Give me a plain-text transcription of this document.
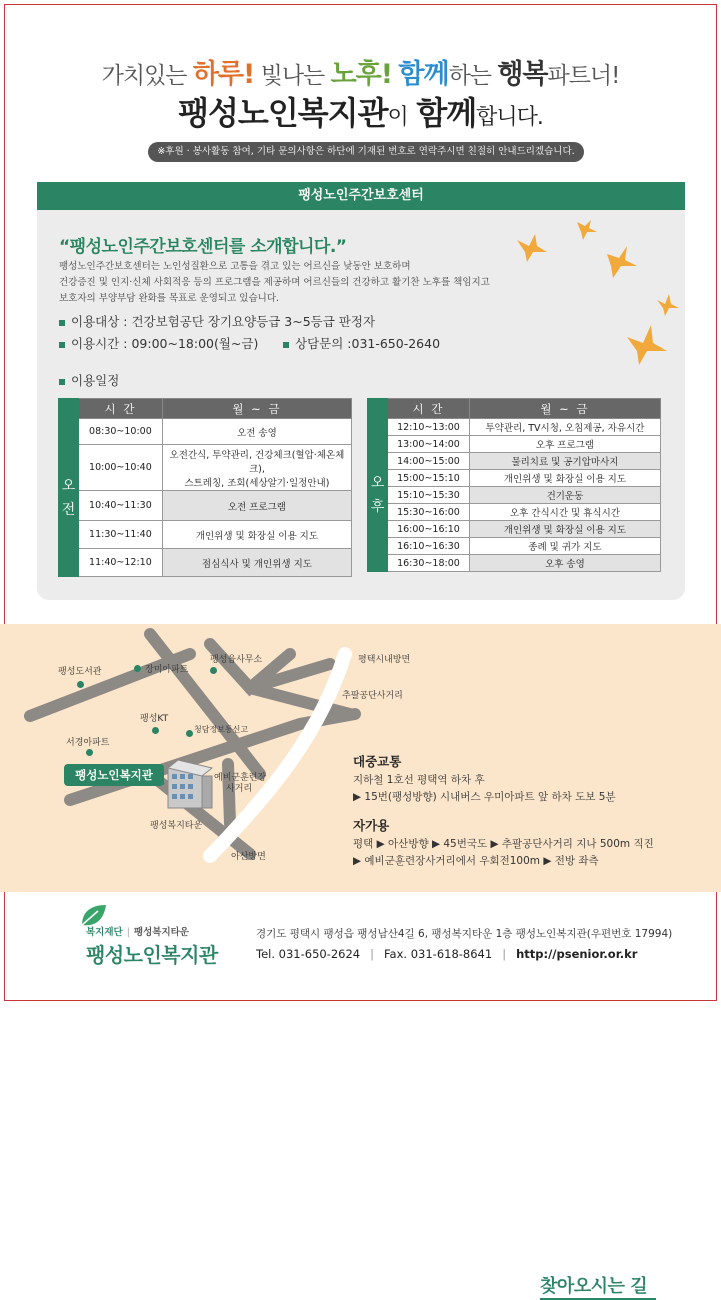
가치있는 하루! 빛나는 노후! 함께하는 행복파트너!
팽성노인복지관이 함께합니다.
※후원 · 봉사활동 참여, 기타 문의사항은 하단에 기재된 번호로 연락주시면 친절히 안내드리겠습니다.
팽성노인주간보호센터
“팽성노인주간보호센터를 소개합니다.”
팽성노인주간보호센터는 노인성질환으로 고통을 겪고 있는 어르신을 낮동안 보호하며
건강증진 및 인지·신체 사회적응 등의 프로그램을 제공하며 어르신들의 건강하고 활기찬 노후를 책임지고
보호자의 부양부담 완화를 목표로 운영되고 있습니다.
이용대상 : 건강보험공단 장기요양등급 3~5등급 판정자
이용시간 : 09:00~18:00(월~금)	상담문의 :031-650-2640
이용일정
	시 간	월 ~ 금
오
전	08:30~10:00	오전 송영
	10:00~10:40	오전간식, 투약관리, 건강체크(혈압·체온체크),
스트레칭, 조회(세상알기·일정안내)

	10:40~11:30	오전 프로그램
	11:30~11:40	개인위생 및 화장실 이용 지도
	11:40~12:10	점심식사 및 개인위생 지도
	시 간	월 ~ 금
오
후	12:10~13:00	투약관리, TV시청, 오침제공, 자유시간
	13:00~14:00	오후 프로그램
	14:00~15:00	물리치료 및 공기압마사지
	15:00~15:10	개인위생 및 화장실 이용 지도
	15:10~15:30	건기운동
	15:30~16:00	오후 간식시간 및 휴식시간
	16:00~16:10	개인위생 및 화장실 이용 지도
	16:10~16:30	종례 및 귀가 지도
	16:30~18:00	오후 송영
찾아오시는 길
팽성도서관	장미아파트
팽성읍사무소	평택시내방면
추팔공단사거리
팽성KT
청담정보통신고
서경아파트
예비군훈련장
사거리
팽성복지타운
아산방면
팽성노인복지관
대중교통
지하철 1호선 평택역 하차 후
▶ 15번(팽성방향) 시내버스 우미아파트 앞 하차 도보 5분
자가용
평택 ▶ 아산방향 ▶ 45번국도 ▶ 추팔공단사거리 지나 500m 직진
▶ 예비군훈련장사거리에서 우회전100m ▶ 전방 좌측
복지재단 | 팽성복지타운
팽성노인복지관
경기도 평택시 팽성읍 팽성남산4길 6, 팽성복지타운 1층 팽성노인복지관(우편번호 17994)
Tel. 031-650-2624 | Fax. 031-618-8641 | http://psenior.or.kr
